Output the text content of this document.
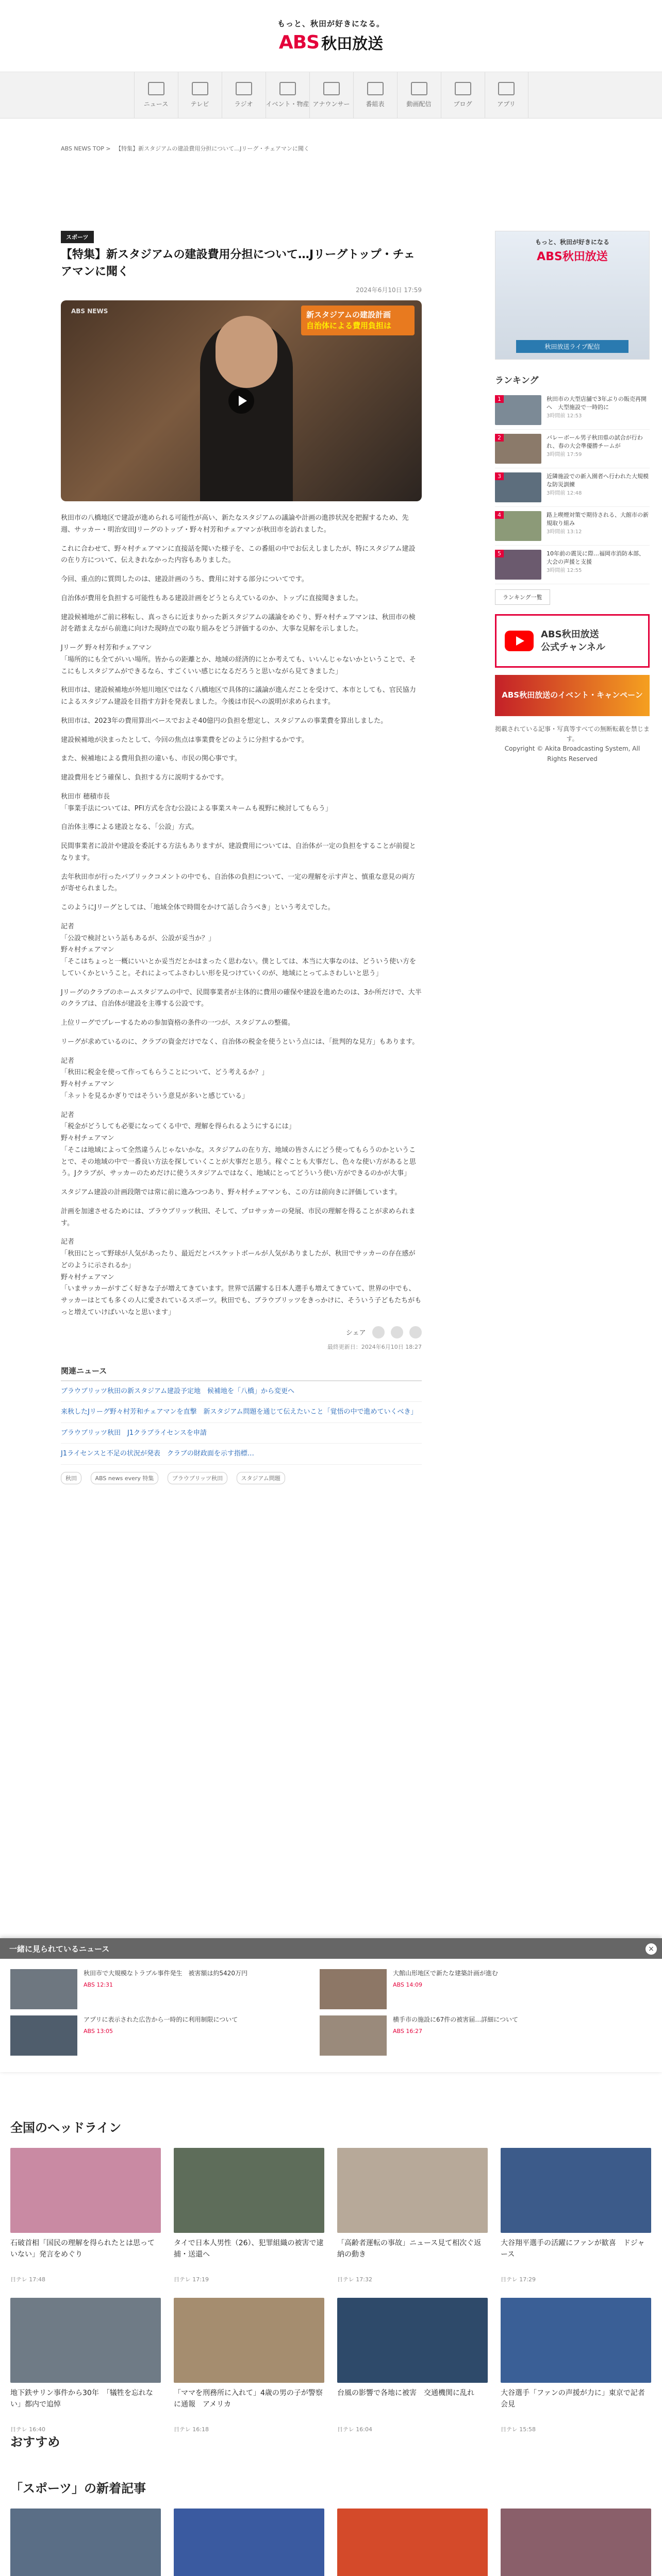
もっと、秋田が好きになる。
ABS 秋田放送
ニュース	テレビ	ラジオ イベント・物産 アナウンサー	番組表	動画配信	ブログ	アプリ
ABS NEWS TOP > 【特集】新スタジアムの建設費用分担について…Jリーグ・チェアマンに聞く
スポーツ
【特集】新スタジアムの建設費用分担について…Jリーグトップ・チェアマンに聞く
2024年6月10日 17:59
ABS NEWS	新スタジアムの建設計画
自治体による費用負担は

秋田市の八橋地区で建設が進められる可能性が高い、新たなスタジアムの議論や計画の進捗状況を把握するため、先週、サッカー・明治安田Jリーグのトップ・野々村芳和チェアマンが秋田市を訪れました。

これに合わせて、野々村チェアマンに直接話を聞いた様子を、この番組の中でお伝えしましたが、特にスタジアム建設の在り方について、伝えきれなかった内容もありました。

今回、重点的に質問したのは、建設計画のうち、費用に対する部分についてです。

自治体が費用を負担する可能性もある建設計画をどうとらえているのか、トップに直接聞きました。

建設候補地がご前に移転し、真っさらに近まりかった新スタジアムの議論をめぐり、野々村チェアマンは、秋田市の検討を踏まえながら前進に向けた現時点での取り組みをどう評価するのか、大事な見解を示しました。

Jリーグ 野々村芳和チェアマン
「場所的にも全てがいい場所。皆からの距離とか、地域の経済的にとか考えても、いいんじゃないかということで、そこにもしスタジアムができるなら、すごくいい感じになるだろうと思いながら見てきました」

秋田市は、建設候補地が外旭川地区ではなく八橋地区で具体的に議論が進んだことを受けて、本市としても、官民協力によるスタジアム建設を目指す方針を発表しました。今後は市民への説明が求められます。

秋田市は、2023年の費用算出ベースでおよそ40億円の負担を想定し、スタジアムの事業費を算出しました。

建設候補地が決まったとして、今回の焦点は事業費をどのように分担するかです。

また、候補地による費用負担の違いも、市民の関心事です。

建設費用をどう確保し、負担する方に説明するかです。

秋田市 穂積市長
「事業手法については、PFI方式を含む公設による事業スキームも視野に検討してもらう」

自治体主導による建設となる、「公設」方式。

民間事業者に設計や建設を委託する方法もありますが、建設費用については、自治体が一定の負担をすることが前提となります。

去年秋田市が行ったパブリックコメントの中でも、自治体の負担について、一定の理解を示す声と、慎重な意見の両方が寄せられました。

このようにJリーグとしては、「地域全体で時間をかけて話し合うべき」という考えでした。

記者
「公設で検討という話もあるが、公設が妥当か？」
野々村チェアマン
「そこはちょっと一概にいいとか妥当だとかはまったく思わない。僕としては、本当に大事なのは、どういう使い方をしていくかということ。それによってふさわしい形を見つけていくのが、地域にとってふさわしいと思う」

Jリーグのクラブのホームスタジアムの中で、民間事業者が主体的に費用の確保や建設を進めたのは、3か所だけで、大半のクラブは、自治体が建設を主導する公設です。

上位リーグでプレーするための参加資格の条件の一つが、スタジアムの整備。

リーグが求めているのに、クラブの資金だけでなく、自治体の税金を使うという点には、「批判的な見方」もあります。

記者
「秋田に税金を使って作ってもらうことについて、どう考えるか？」
野々村チェアマン
「ネットを見るかぎりではそういう意見が多いと感じている」

記者
「税金がどうしても必要になってくる中で、理解を得られるようにするには」
野々村チェアマン
「そこは地域によって全然違うんじゃないかな。スタジアムの在り方、地域の皆さんにどう使ってもらうのかということで、その地域の中で一番良い方法を探していくことが大事だと思う。稼ぐことも大事だし、色々な使い方があると思う。Jクラブが、サッカーのためだけに使うスタジアムではなく、地域にとってどういう使い方ができるのかが大事」

スタジアム建設の計画段階では常に前に進みつつあり、野々村チェアマンも、この方は前向きに評価しています。

計画を加速させるためには、ブラウブリッツ秋田、そして、プロサッカーの発展、市民の理解を得ることが求められます。

記者
「秋田にとって野球が人気があったり、最近だとバスケットボールが人気がありましたが、秋田でサッカーの存在感がどのように示されるか」
野々村チェアマン
「いまサッカーがすごく好きな子が増えてきています。世界で活躍する日本人選手も増えてきていて、世界の中でも、サッカーはとても多くの人に愛されているスポーツ。秋田でも、ブラウブリッツをきっかけに、そういう子どもたちがもっと増えていけばいいなと思います」

シェア
最終更新日：2024年6月10日 18:27
関連ニュース
ブラウブリッツ秋田の新スタジアム建設予定地　候補地を「八橋」から変更へ
来秋したJリーグ野々村芳和チェアマンを直撃　新スタジアム問題を通じて伝えたいこと「覚悟の中で進めていくべき」
ブラウブリッツ秋田　J1クラブライセンスを申請
J1ライセンスと不足の状況が発表　クラブの財政面を示す指標…
秋田	ABS news every 特集	ブラウブリッツ秋田	スタジアム問題
もっと、秋田が好きになる
ABS秋田放送
秋田放送ライブ配信
ランキング
1	秋田市の大型店舗で3年ぶりの販売再開へ　大型施設で一時的に
3時間前 12:53
2	バレーボール男子秋田県の試合が行われ、春の大会準優勝チームが
3時間前 17:59
3	近隣施設での新入園者へ行われた大規模な防災訓練
3時間前 12:48
4	路上喫煙対策で期待される、大館市の新規取り組み
3時間前 13:12
5	10年前の震災に際…福岡市消防本部、大会の声援と支援
3時間前 12:55
ランキング一覧
ABS秋田放送
公式チャンネル
ABS秋田放送のイベント・キャンペーン
掲載されている記事・写真等すべての無断転載を禁じます。
Copyright © Akita Broadcasting System, All Rights Reserved
一緒に見られているニュース	×
秋田市で大規模なトラブル事件発生　被害額は約5420万円
ABS 12:31
大館山形地区で新たな建築計画が進む
ABS 14:09
アプリに表示された広告から一時的に利用制限について
ABS 13:05
横手市の施設に67件の被害届…詳細について
ABS 16:27
全国のヘッドライン
石破首相「国民の理解を得られたとは思っていない」発言をめぐり
日テレ 17:48
タイで日本人男性（26）、犯罪組織の被害で逮捕・送還へ
日テレ 17:19
「高齢者運転の事故」ニュース見て相次ぐ返納の動き
日テレ 17:32
大谷翔平選手の活躍にファンが歓喜　ドジャース
日テレ 17:29
地下鉄サリン事件から30年　「犠牲を忘れない」都内で追悼
日テレ 16:40
「ママを刑務所に入れて」4歳の男の子が警察に通報　アメリカ
日テレ 16:18
台風の影響で各地に被害　交通機関に乱れ
日テレ 16:04
大谷選手「ファンの声援が力に」東京で記者会見
日テレ 15:58
おすすめ
「スポーツ」の新着記事
